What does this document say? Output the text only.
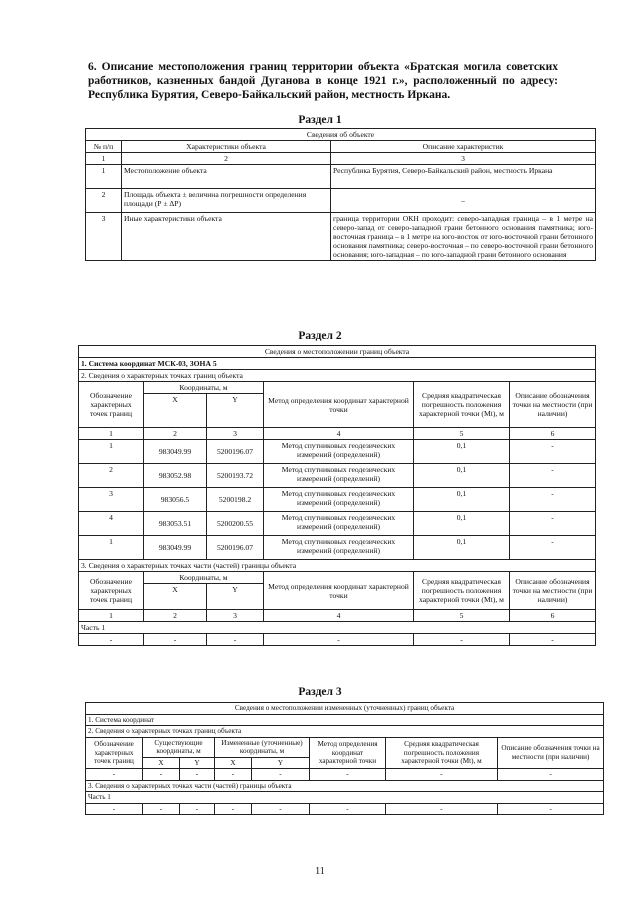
6. Описание местоположения границ территории объекта «Братская могила советских работников, казненных бандой Дуганова в конце 1921 г.», расположенный по адресу: Республика Бурятия, Северо-Байкальский район, местность Иркана.
Раздел 1
Сведения об объекте		
№ п/п	Характеристики объекта	Описание характеристик
1	2	3
1	Местоположение объекта	Республика Бурятия, Северо-Байкальский район, местность Иркана
2	Площадь объекта ± величина погрешности определения площади (Р ± ΔР)	–
3	Иные характеристики объекта	граница территории ОКН проходит: северо-западная граница – в 1 метре на северо-запад от северо-западной грани бетонного основания памятника; юго-восточная граница – в 1 метре на юго-восток от юго-восточной грани бетонного основания памятника; северо-восточная – по северо-восточной грани бетонного основания; юго-западная – по юго-западной грани бетонного основания
Раздел 2
Сведения о местоположении границ объекта					
1. Система координат МСК-03, ЗОНА 5					
2. Сведения о характерных точках границ объекта					
Обозначение характерных точек границ	Координаты, м		Метод определения координат характерной точки	Средняя квадратическая погрешность положения характерной точки (Mt), м	Описание обозначения точки на местности (при наличии)
	X	Y			
1	2	3	4	5	6
1	983049.99	5200196.07	Метод спутниковых геодезических измерений (определений)	0,1	-
2	983052.98	5200193.72	Метод спутниковых геодезических измерений (определений)	0,1	-
3	983056.5	5200198.2	Метод спутниковых геодезических измерений (определений)	0,1	-
4	983053.51	5200200.55	Метод спутниковых геодезических измерений (определений)	0,1	-
1	983049.99	5200196.07	Метод спутниковых геодезических измерений (определений)	0,1	-
3. Сведения о характерных точках части (частей) границы объекта					
Обозначение характерных точек границ	Координаты, м		Метод определения координат характерной точки	Средняя квадратическая погрешность положения характерной точки (Mt), м	Описание обозначения точки на местности (при наличии)
	X	Y			
1	2	3	4	5	6
Часть 1					
-	-	-	-	-	-
Раздел 3
Сведения о местоположении измененных (уточненных) границ объекта							
1. Система координат							
2. Сведения о характерных точках границ объекта							
Обозначение характерных точек границ	Существующие координаты, м		Измененные (уточненные) координаты, м		Метод определения координат характерной точки	Средняя квадратическая погрешность положения характерной точки (Mt), м	Описание обозначения точки на местности (при наличии)
	X	Y	X	Y			
-	-	-	-	-	-	-	-
3. Сведения о характерных точках части (частей) границы объекта							
Часть 1							
-	-	-	-	-	-	-	-
11
